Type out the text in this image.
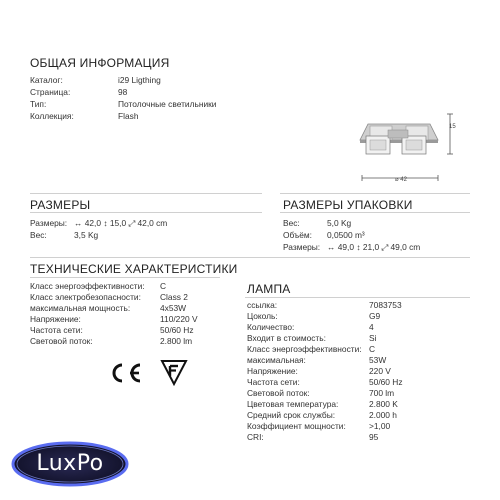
ОБЩАЯ ИНФОРМАЦИЯ
Каталог:	i29 Ligthing
Страница:	98
Тип:	Потолочные светильники
Коллекция:	Flash
15
⌀ 42
РАЗМЕРЫ
Размеры: ↔ 42,0 ↕ 15,0 ⤢ 42,0 cm
Вес:	3,5 Kg
РАЗМЕРЫ УПАКОВКИ
Вес:	5,0 Kg
Объём: 0,0500 m³
Размеры: ↔ 49,0 ↕ 21,0 ⤢ 49,0 cm
ТЕХНИЧЕСКИЕ ХАРАКТЕРИСТИКИ
Класс энергоэффективности: C
Класс электробезопасности: Class 2
максимальная мощность:	4x53W
Напряжение:	110/220 V
Частота сети:	50/60 Hz
Световой поток:	2.800 lm
ЛАМПА
ссылка:	7083753
Цоколь:	G9
Количество:	4
Входит в стоимость:	Si
Класс энергоэффективности: C
максимальная:	53W
Напряжение:	220 V
Частота сети:	50/60 Hz
Световой поток:	700 lm
Цветовая температура:	2.800 K
Средний срок службы:	2.000 h
Коэффициент мощности:	>1,00
CRI:	95
LuxPo
